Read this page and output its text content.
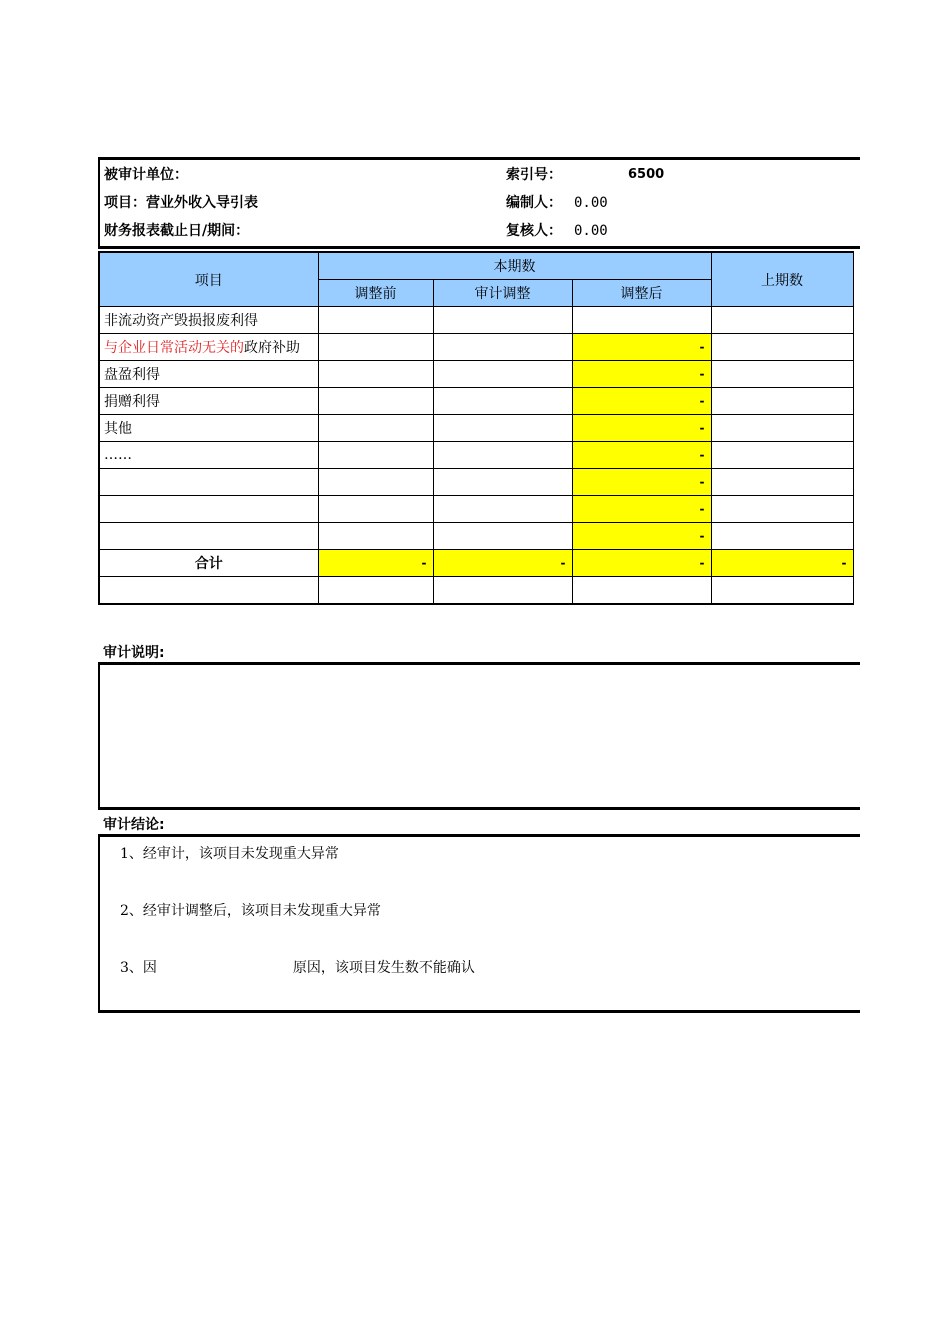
被审计单位：	索引号：	6500
项目：营业外收入导引表	编制人： 0.00
财务报表截止日/期间：	复核人： 0.00
项目	本期数			上期数
	调整前	审计调整	调整后	
非流动资产毁损报废利得				
与企业日常活动无关的政府补助			-	
盘盈利得			-	
捐赠利得			-	
其他			-	
……			-	
			-	
			-	
			-	
合计	-	-	-	-

审计说明:
审计结论:
1、经审计，该项目未发现重大异常
2、经审计调整后，该项目未发现重大异常
3、因	原因，该项目发生数不能确认
